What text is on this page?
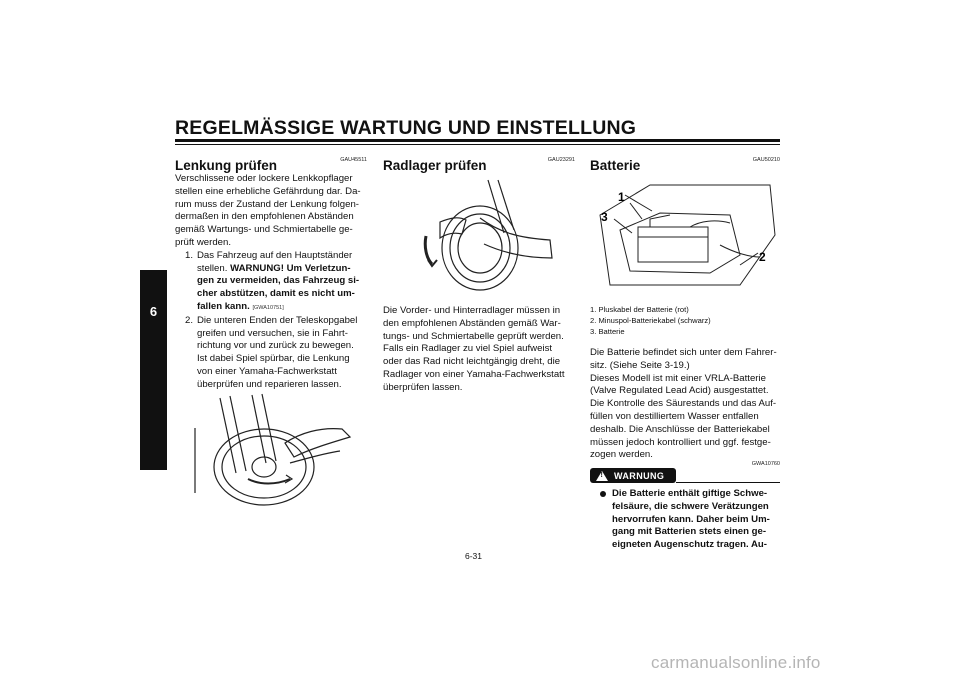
REGELMÄSSIGE WARTUNG UND EINSTELLUNG
6
GAU45511
Lenkung prüfen

Verschlissene oder lockere Lenkkopflager

stellen eine erhebliche Gefährdung dar. Da-

rum muss der Zustand der Lenkung folgen-

dermaßen in den empfohlenen Abständen

gemäß Wartungs- und Schmiertabelle ge-

prüft werden.

1. Das Fahrzeug auf den Hauptständer

stellen. WARNUNG! Um Verletzun-

gen zu vermeiden, das Fahrzeug si-

cher abstützen, damit es nicht um-

fallen kann. [GWA10751]

2. Die unteren Enden der Teleskopgabel

greifen und versuchen, sie in Fahrt-

richtung vor und zurück zu bewegen.

Ist dabei Spiel spürbar, die Lenkung

von einer Yamaha-Fachwerkstatt

überprüfen und reparieren lassen.

GAU23291
Radlager prüfen

Die Vorder- und Hinterradlager müssen in

den empfohlenen Abständen gemäß War-

tungs- und Schmiertabelle geprüft werden.

Falls ein Radlager zu viel Spiel aufweist

oder das Rad nicht leichtgängig dreht, die

Radlager von einer Yamaha-Fachwerkstatt

überprüfen lassen.

GAU50210
Batterie
1
2
3
1. Pluskabel der Batterie (rot)
2. Minuspol-Batteriekabel (schwarz)
3. Batterie

Die Batterie befindet sich unter dem Fahrer-

sitz. (Siehe Seite 3-19.)

Dieses Modell ist mit einer VRLA-Batterie

(Valve Regulated Lead Acid) ausgestattet.

Die Kontrolle des Säurestands und das Auf-

füllen von destilliertem Wasser entfallen

deshalb. Die Anschlüsse der Batteriekabel

müssen jedoch kontrolliert und ggf. festge-

zogen werden.

GWA10760
! WARNUNG
Die Batterie enthält giftige Schwe-
felsäure, die schwere Verätzungen
hervorrufen kann. Daher beim Um-
gang mit Batterien stets einen ge-
eigneten Augenschutz tragen. Au-
6-31
carmanualsonline.info
